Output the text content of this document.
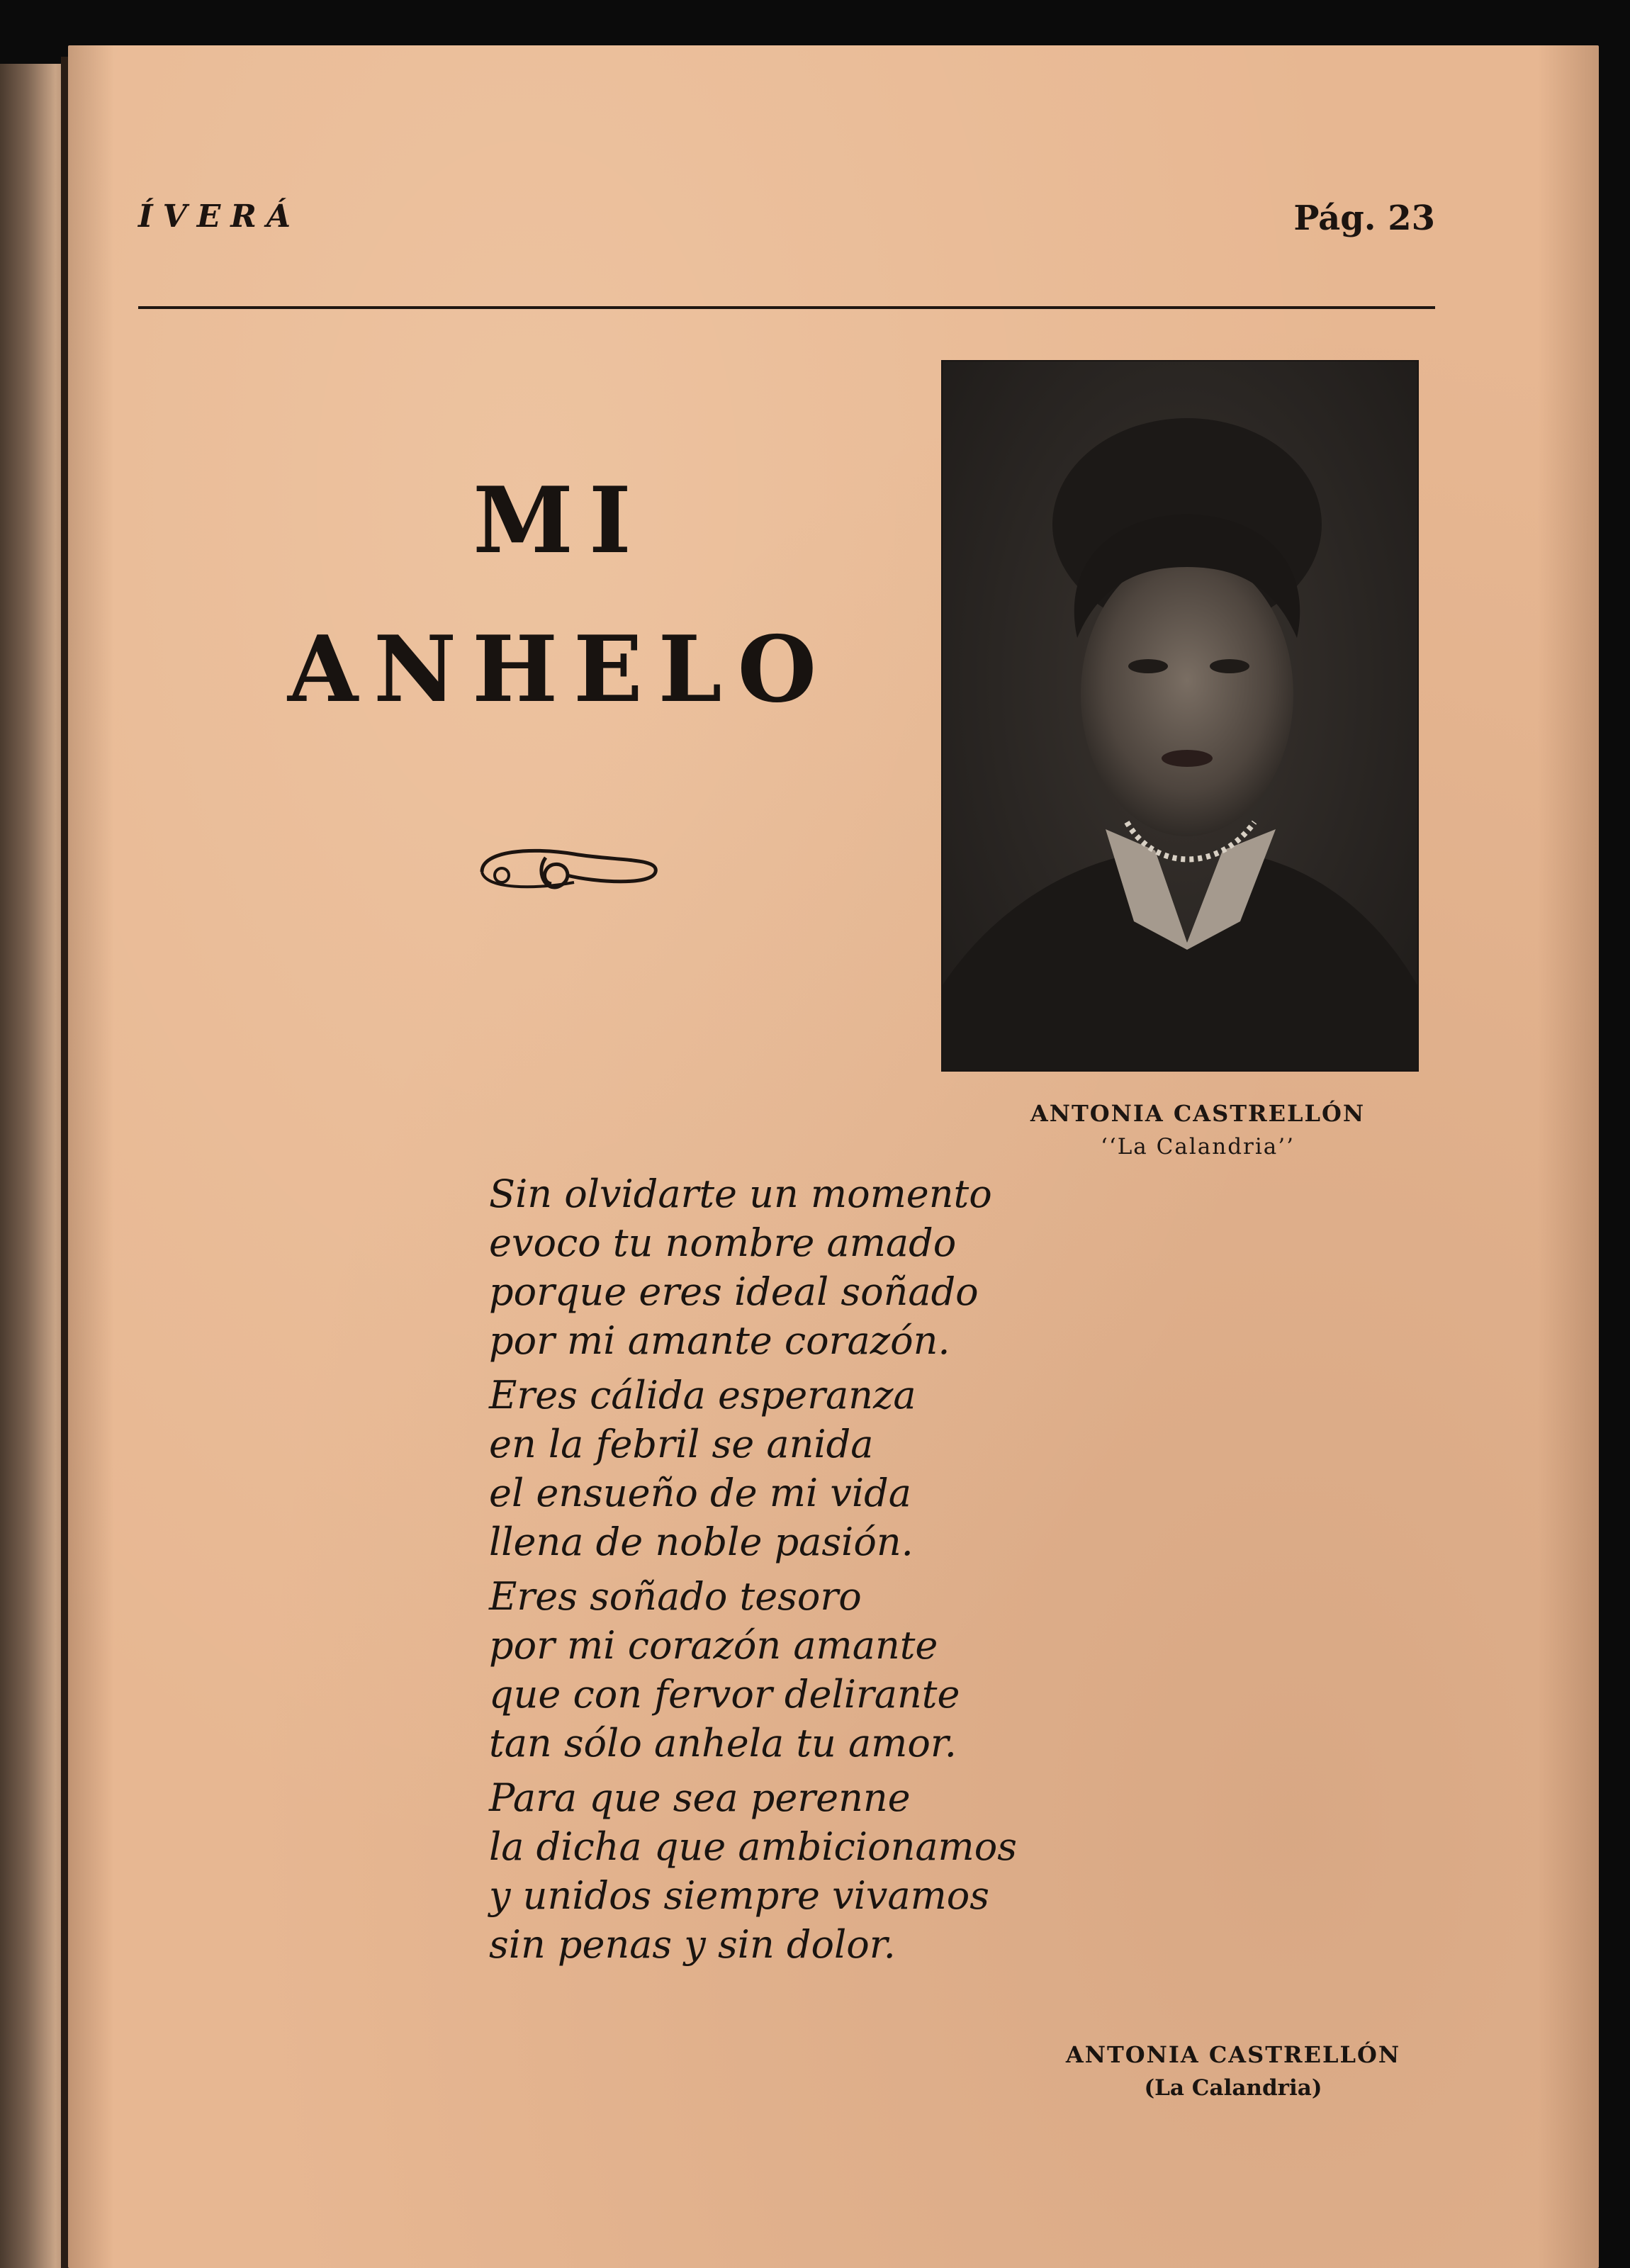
ÍVERÁ	Pág. 23
MI
ANHELO
ANTONIA CASTRELLÓN
‘‘La Calandria’’
Sin olvidarte un momento
evoco tu nombre amado
porque eres ideal soñado
por mi amante corazón.
Eres cálida esperanza
en la febril se anida
el ensueño de mi vida
llena de noble pasión.
Eres soñado tesoro
por mi corazón amante
que con fervor delirante
tan sólo anhela tu amor.
Para que sea perenne
la dicha que ambicionamos
y unidos siempre vivamos
sin penas y sin dolor.
ANTONIA CASTRELLÓN
(La Calandria)
